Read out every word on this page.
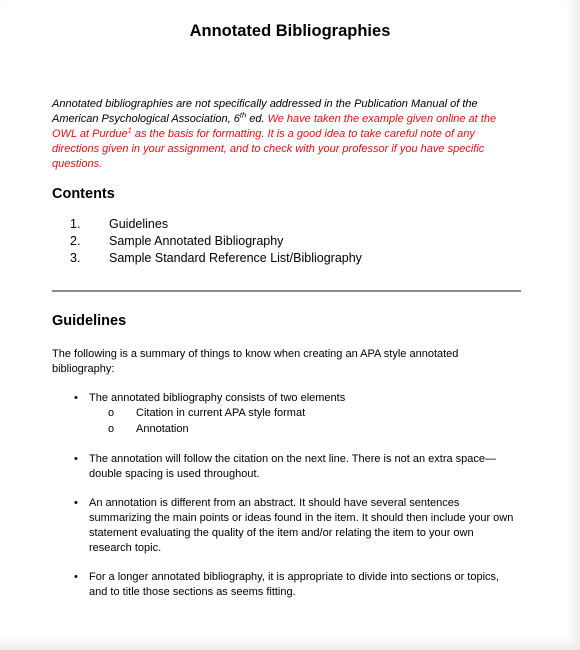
Annotated Bibliographies
Annotated bibliographies are not specifically addressed in the Publication Manual of the American Psychological Association, 6th ed. We have taken the example given online at the OWL at Purdue$^1$ as the basis for formatting. It is a good idea to take careful note of any directions given in your assignment, and to check with your professor if you have specific questions.
Contents
1. Guidelines
2. Sample Annotated Bibliography
3. Sample Standard Reference List/Bibliography
Guidelines
The following is a summary of things to know when creating an APA style annotated bibliography:
• The annotated bibliography consists of two elements
o Citation in current APA style format
o Annotation
• The annotation will follow the citation on the next line. There is not an extra space—double spacing is used throughout.
• An annotation is different from an abstract. It should have several sentences summarizing the main points or ideas found in the item. It should then include your own statement evaluating the quality of the item and/or relating the item to your own research topic.
• For a longer annotated bibliography, it is appropriate to divide into sections or topics, and to title those sections as seems fitting.
